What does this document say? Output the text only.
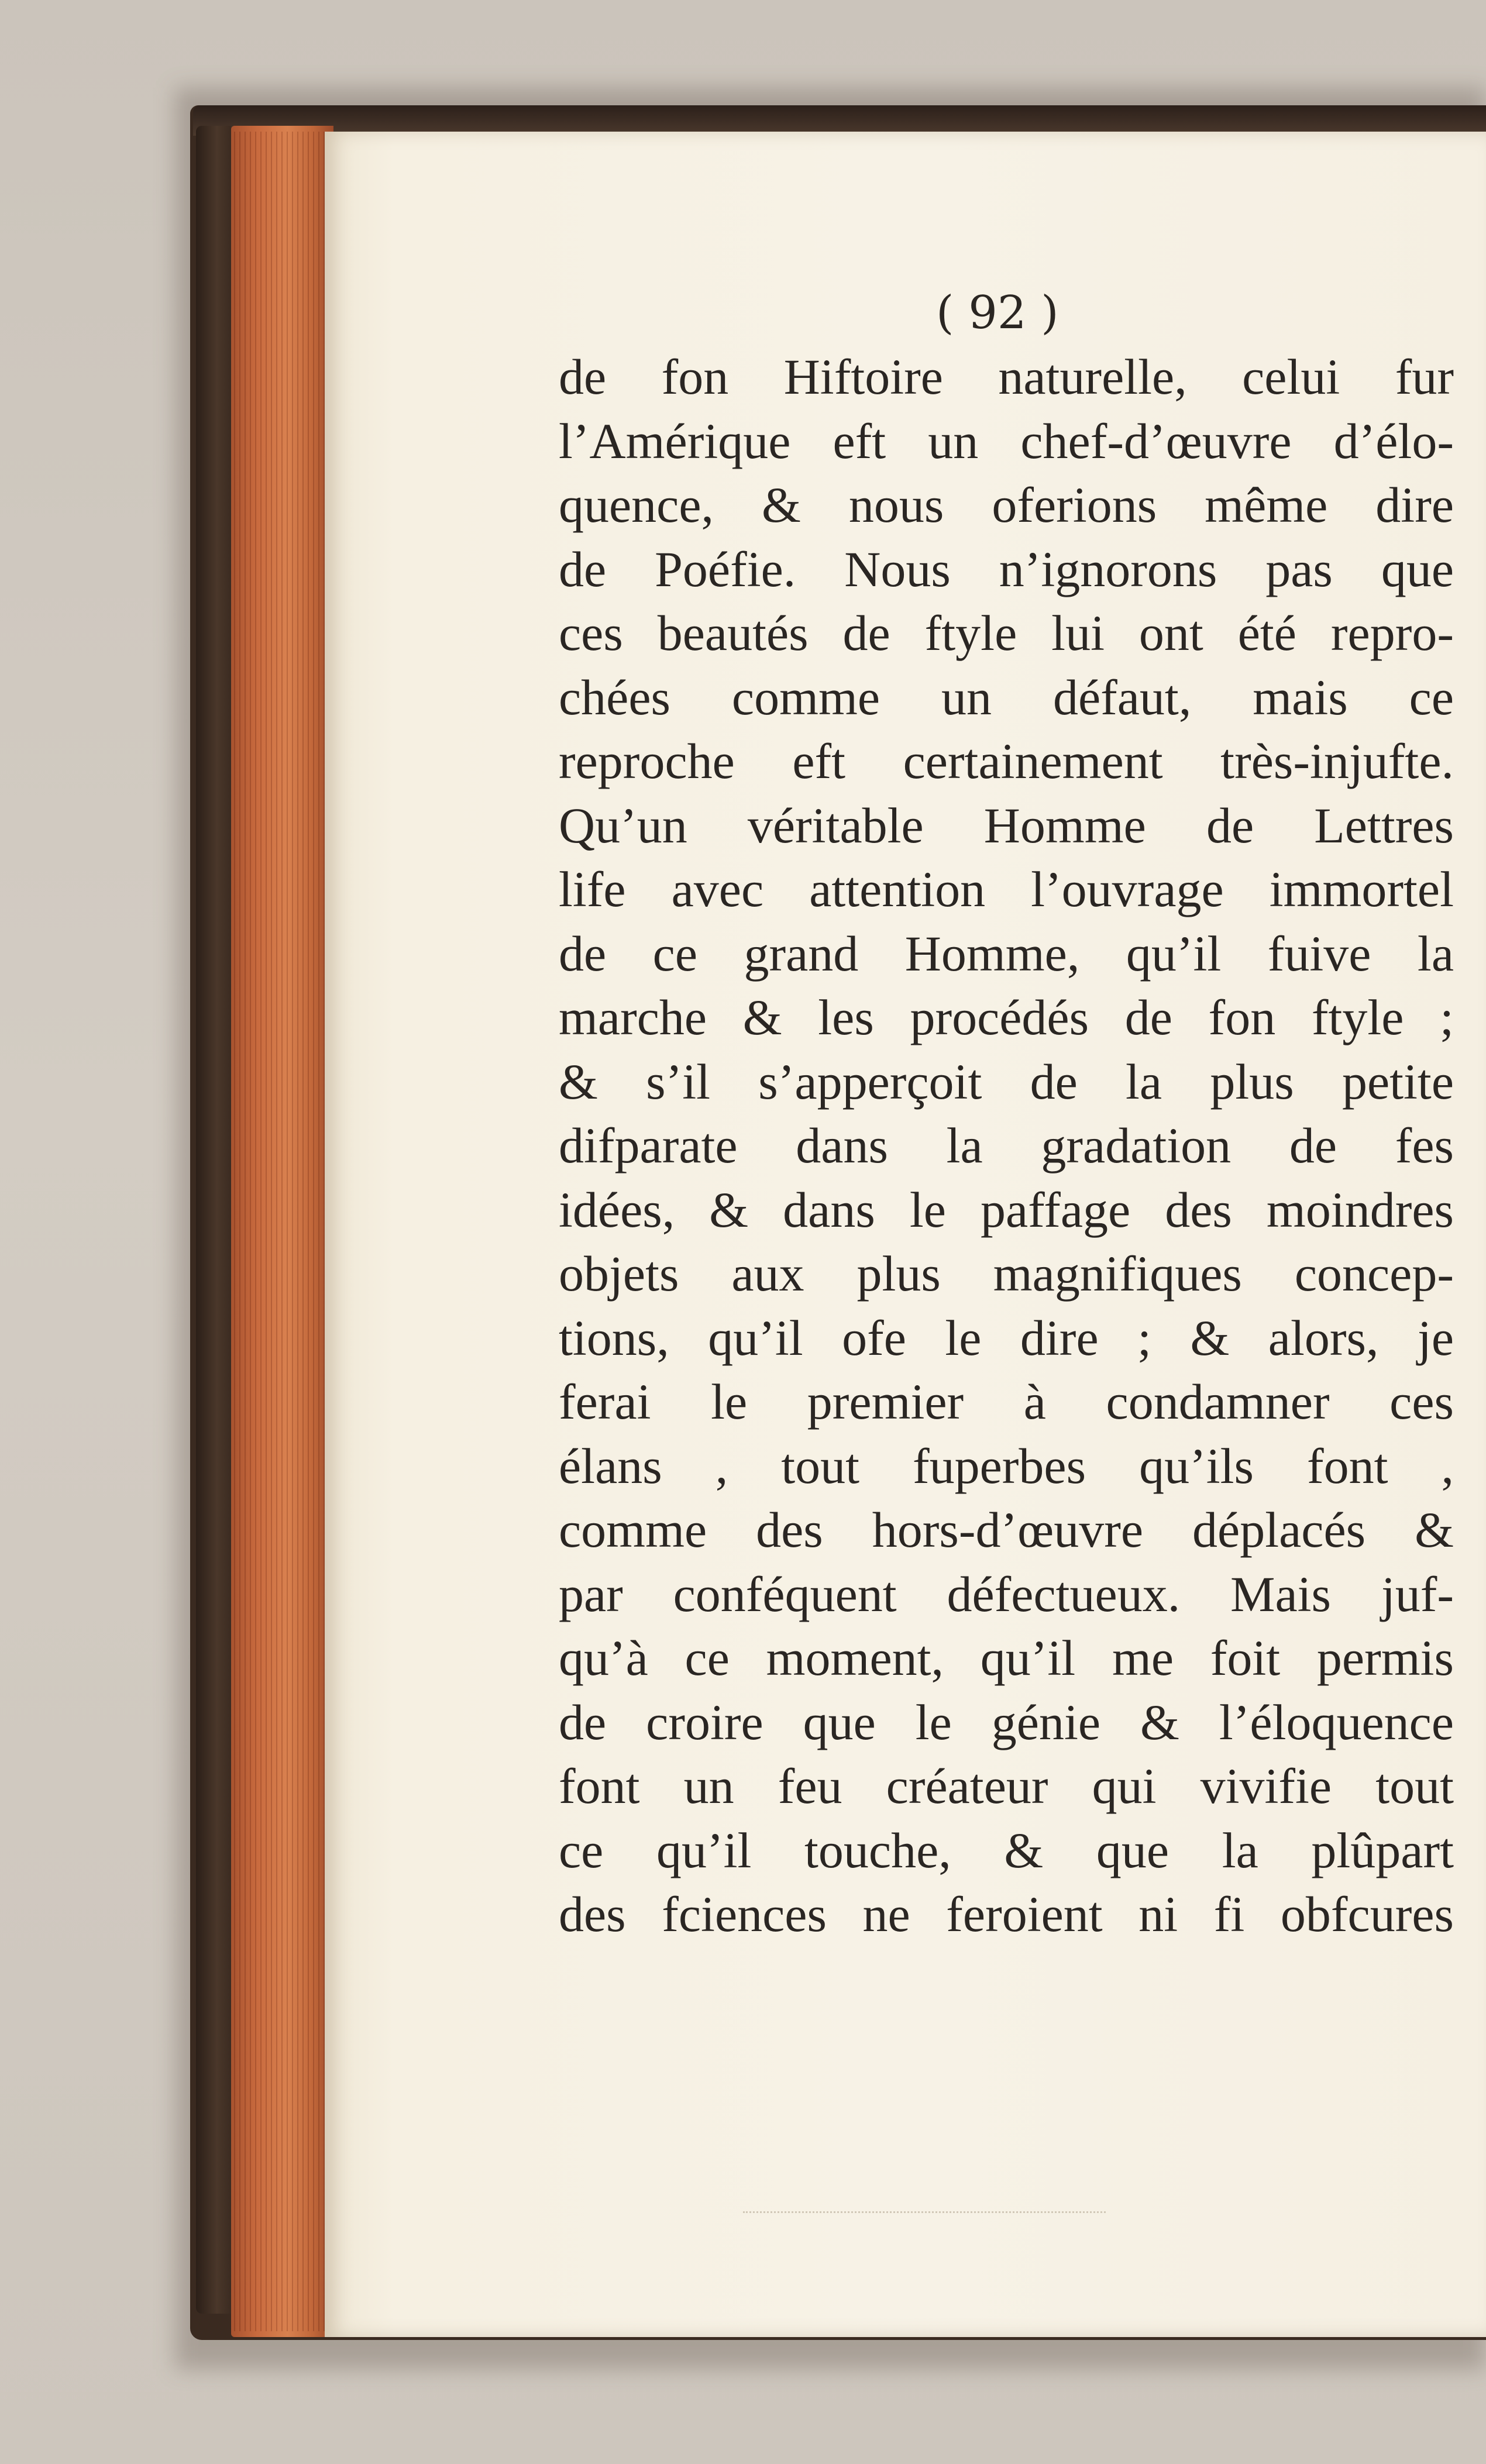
( 92 )
de fon Hiftoire naturelle, celui fur
l’Amérique eft un chef-d’œuvre d’élo-
quence, & nous oferions même dire
de Poéfie. Nous n’ignorons pas que
ces beautés de ftyle lui ont été repro-
chées comme un défaut, mais ce
reproche eft certainement très-injufte.
Qu’un véritable Homme de Lettres
life avec attention l’ouvrage immortel
de ce grand Homme, qu’il fuive la
marche & les procédés de fon ftyle ;
& s’il s’apperçoit de la plus petite
difparate dans la gradation de fes
idées, & dans le paffage des moindres
objets aux plus magnifiques concep-
tions, qu’il ofe le dire ; & alors, je
ferai le premier à condamner ces
élans , tout fuperbes qu’ils font ,
comme des hors-d’œuvre déplacés &
par conféquent défectueux. Mais juf-
qu’à ce moment, qu’il me foit permis
de croire que le génie & l’éloquence
font un feu créateur qui vivifie tout
ce qu’il touche, & que la plûpart
des fciences ne feroient ni fi obfcures
